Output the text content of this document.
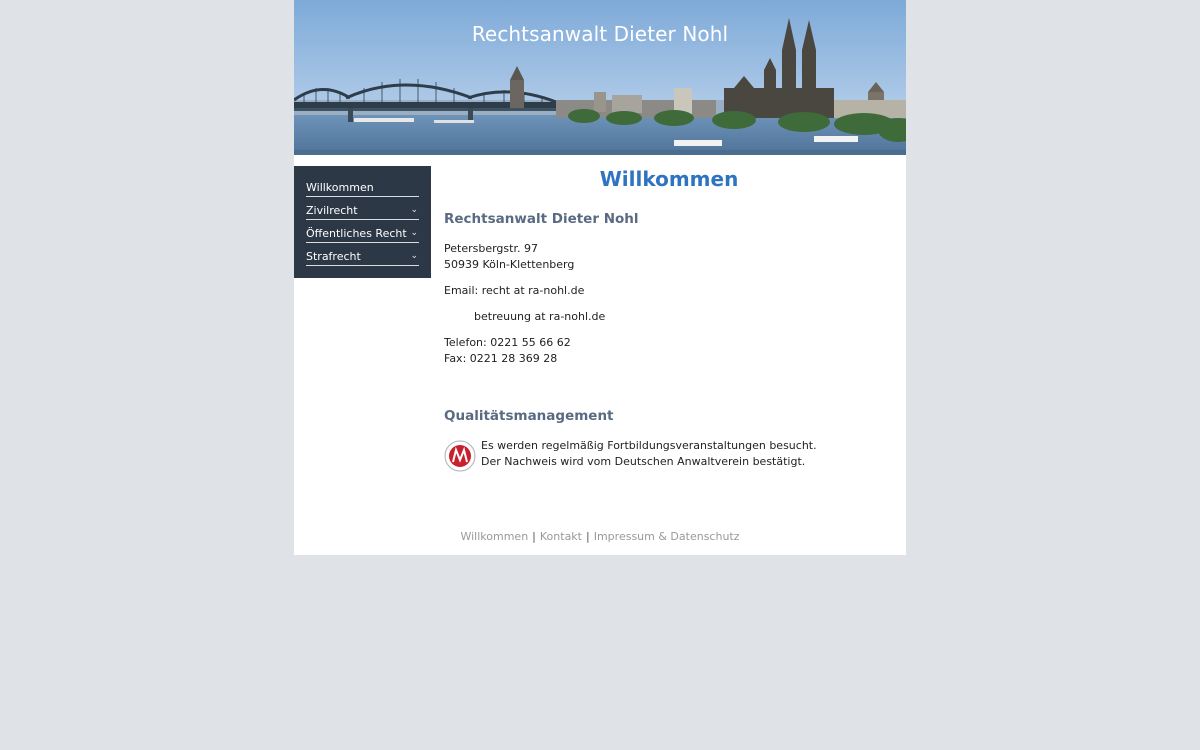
Rechtsanwalt Dieter Nohl
Willkommen
Zivilrecht	⌄
Öffentliches Recht ⌄
Strafrecht	⌄
Willkommen
Rechtsanwalt Dieter Nohl
Petersbergstr. 97
50939 Köln-Klettenberg
Email: recht at ra-nohl.de
betreuung at ra-nohl.de
Telefon: 0221 55 66 62
Fax: 0221 28 369 28
Qualitätsmanagement
Es werden regelmäßig Fortbildungsveranstaltungen besucht.
Der Nachweis wird vom Deutschen Anwaltverein bestätigt.
Willkommen | Kontakt | Impressum & Datenschutz
